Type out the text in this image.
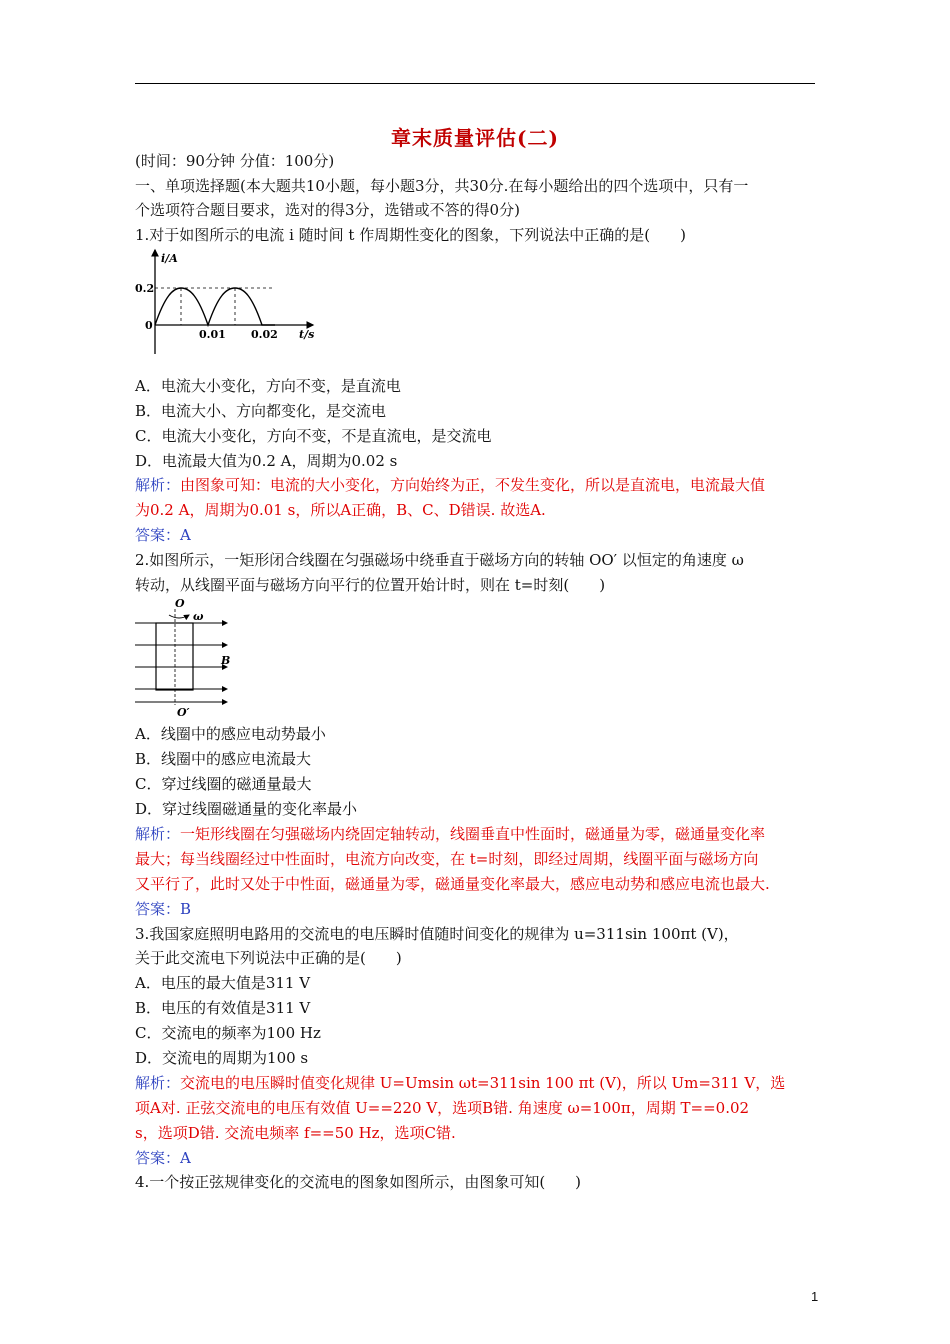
章末质量评估(二)
(时间：90分钟 分值：100分)
一、单项选择题(本大题共10小题，每小题3分，共30分.在每小题给出的四个选项中，只有一
个选项符合题目要求，选对的得3分，选错或不答的得0分)
1.对于如图所示的电流 i 随时间 t 作周期性变化的图象，下列说法中正确的是(　　)
i/A
0.2
0
0.01 0.02 t/s
A．电流大小变化，方向不变，是直流电
B．电流大小、方向都变化，是交流电
C．电流大小变化，方向不变，不是直流电，是交流电
D．电流最大值为0.2 A，周期为0.02 s
解析：由图象可知：电流的大小变化，方向始终为正，不发生变化，所以是直流电，电流最大值
为0.2 A，周期为0.01 s，所以A正确，B、C、D错误. 故选A.
答案：A
2.如图所示，一矩形闭合线圈在匀强磁场中绕垂直于磁场方向的转轴 OO′ 以恒定的角速度 ω
转动，从线圈平面与磁场方向平行的位置开始计时，则在 t=时刻(　　)
O
ω
B
O′
A．线圈中的感应电动势最小
B．线圈中的感应电流最大
C．穿过线圈的磁通量最大
D．穿过线圈磁通量的变化率最小
解析：一矩形线圈在匀强磁场内绕固定轴转动，线圈垂直中性面时，磁通量为零，磁通量变化率
最大；每当线圈经过中性面时，电流方向改变，在 t=时刻，即经过周期，线圈平面与磁场方向
又平行了，此时又处于中性面，磁通量为零，磁通量变化率最大，感应电动势和感应电流也最大.
答案：B
3.我国家庭照明电路用的交流电的电压瞬时值随时间变化的规律为 u=311sin 100πt (V)，
关于此交流电下列说法中正确的是(　　)
A．电压的最大值是311 V
B．电压的有效值是311 V
C．交流电的频率为100 Hz
D．交流电的周期为100 s
解析：交流电的电压瞬时值变化规律 U=Umsin ωt=311sin 100 πt (V)，所以 Um=311 V，选
项A对. 正弦交流电的电压有效值 U==220 V，选项B错. 角速度 ω=100π，周期 T==0.02
s，选项D错. 交流电频率 f==50 Hz，选项C错.
答案：A
4.一个按正弦规律变化的交流电的图象如图所示，由图象可知(　　)
1
